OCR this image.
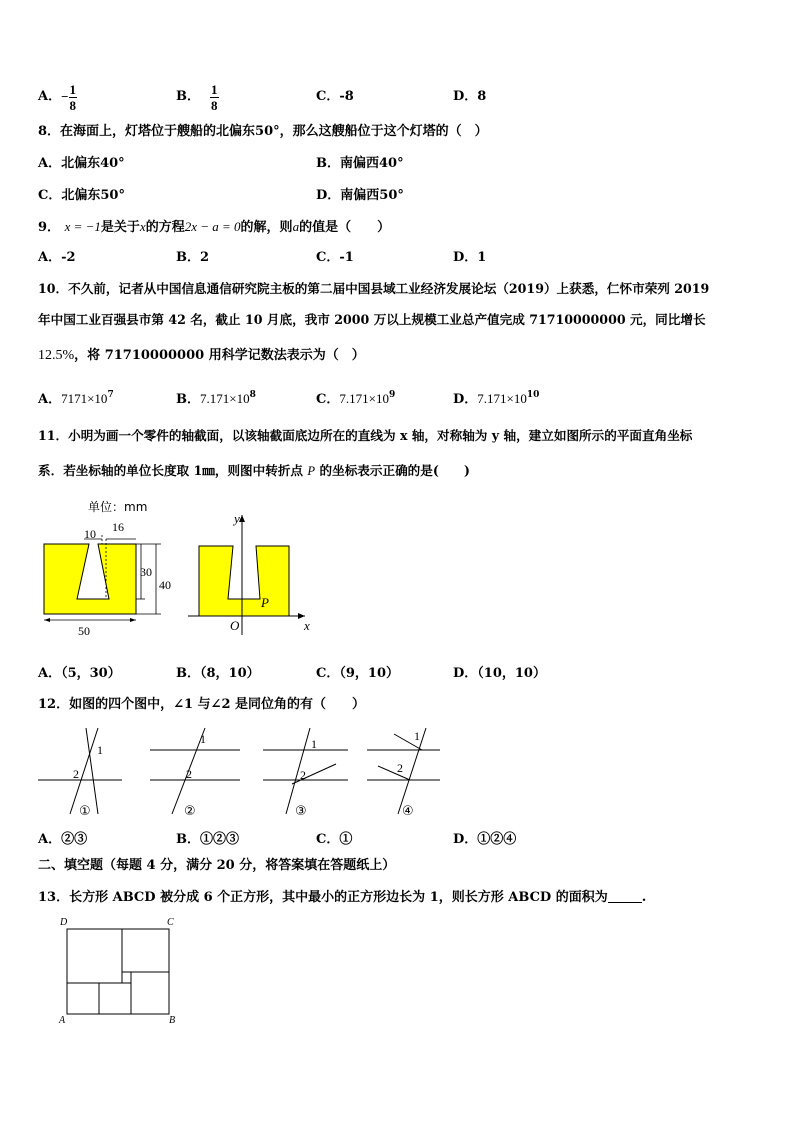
A． − $\frac{1}{8}$	B． $\frac{1}{8}$	C．-8	D．8
8．在海面上，灯塔位于艘船的北偏东50°，那么这艘船位于这个灯塔的（　）
A．北偏东40°	B．南偏西40°
C．北偏东50°	D．南偏西50°
9． x = −1是关于x的方程2x − a = 0的解，则a的值是（　　）
A．-2	B．2	C．-1	D．1
10．不久前，记者从中国信息通信研究院主板的第二届中国县域工业经济发展论坛（2019）上获悉，仁怀市荣列 2019
年中国工业百强县市第 42 名，截止 10 月底，我市 2000 万以上规模工业总产值完成 71710000000 元，同比增长
12.5%，将 71710000000 用科学记数法表示为（　）
A．$7171\times 10^7$	B．$7.171\times 10^8$	C．$7.171\times 10^9$	D．$7.171\times 10^{10}$
11．小明为画一个零件的轴截面，以该轴截面底边所在的直线为 x 轴，对称轴为 y 轴，建立如图所示的平面直角坐标
系．若坐标轴的单位长度取 1㎜，则图中转折点 P 的坐标表示正确的是(　　)
单位：mm
10 16
30
40
50
y
x
O
P
A．（5，30）	B．（8，10）	C．（9，10）	D．（10，10）
12．如图的四个图中，∠1 与∠2 是同位角的有（　　）
1
2
①
1
2
②
1
2
③
1
2
④
A．②③	B．①②③	C．①	D．①②④
二、填空题（每题 4 分，满分 20 分，将答案填在答题纸上）
13．长方形 ABCD 被分成 6 个正方形，其中最小的正方形边长为 1，则长方形 ABCD 的面积为	.
D	C
A	B
